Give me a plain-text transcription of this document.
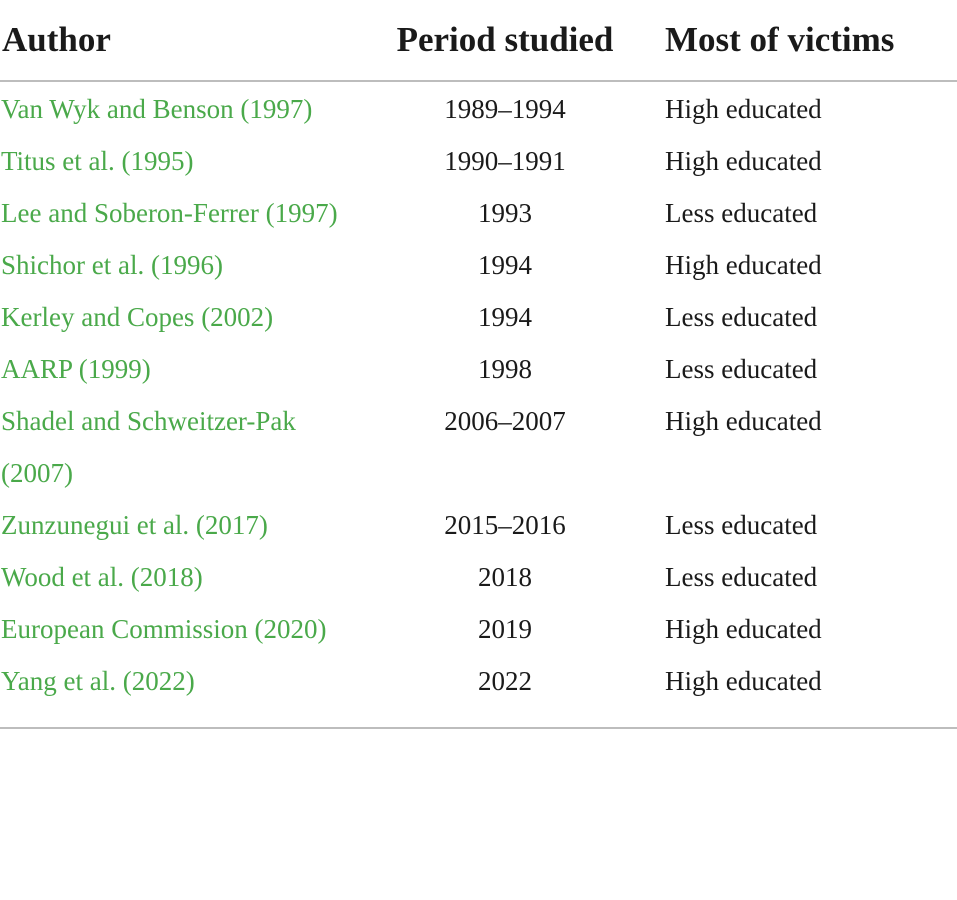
Author	Period studied	Most of victims
Van Wyk and Benson (1997)	1989–1994	High educated
Titus et al. (1995)	1990–1991	High educated
Lee and Soberon-Ferrer (1997)	1993	Less educated
Shichor et al. (1996)	1994	High educated
Kerley and Copes (2002)	1994	Less educated
AARP (1999)	1998	Less educated
Shadel and Schweitzer-Pak (2007)	2006–2007	High educated
Zunzunegui et al. (2017)	2015–2016	Less educated
Wood et al. (2018)	2018	Less educated
European Commission (2020)	2019	High educated
Yang et al. (2022)	2022	High educated
